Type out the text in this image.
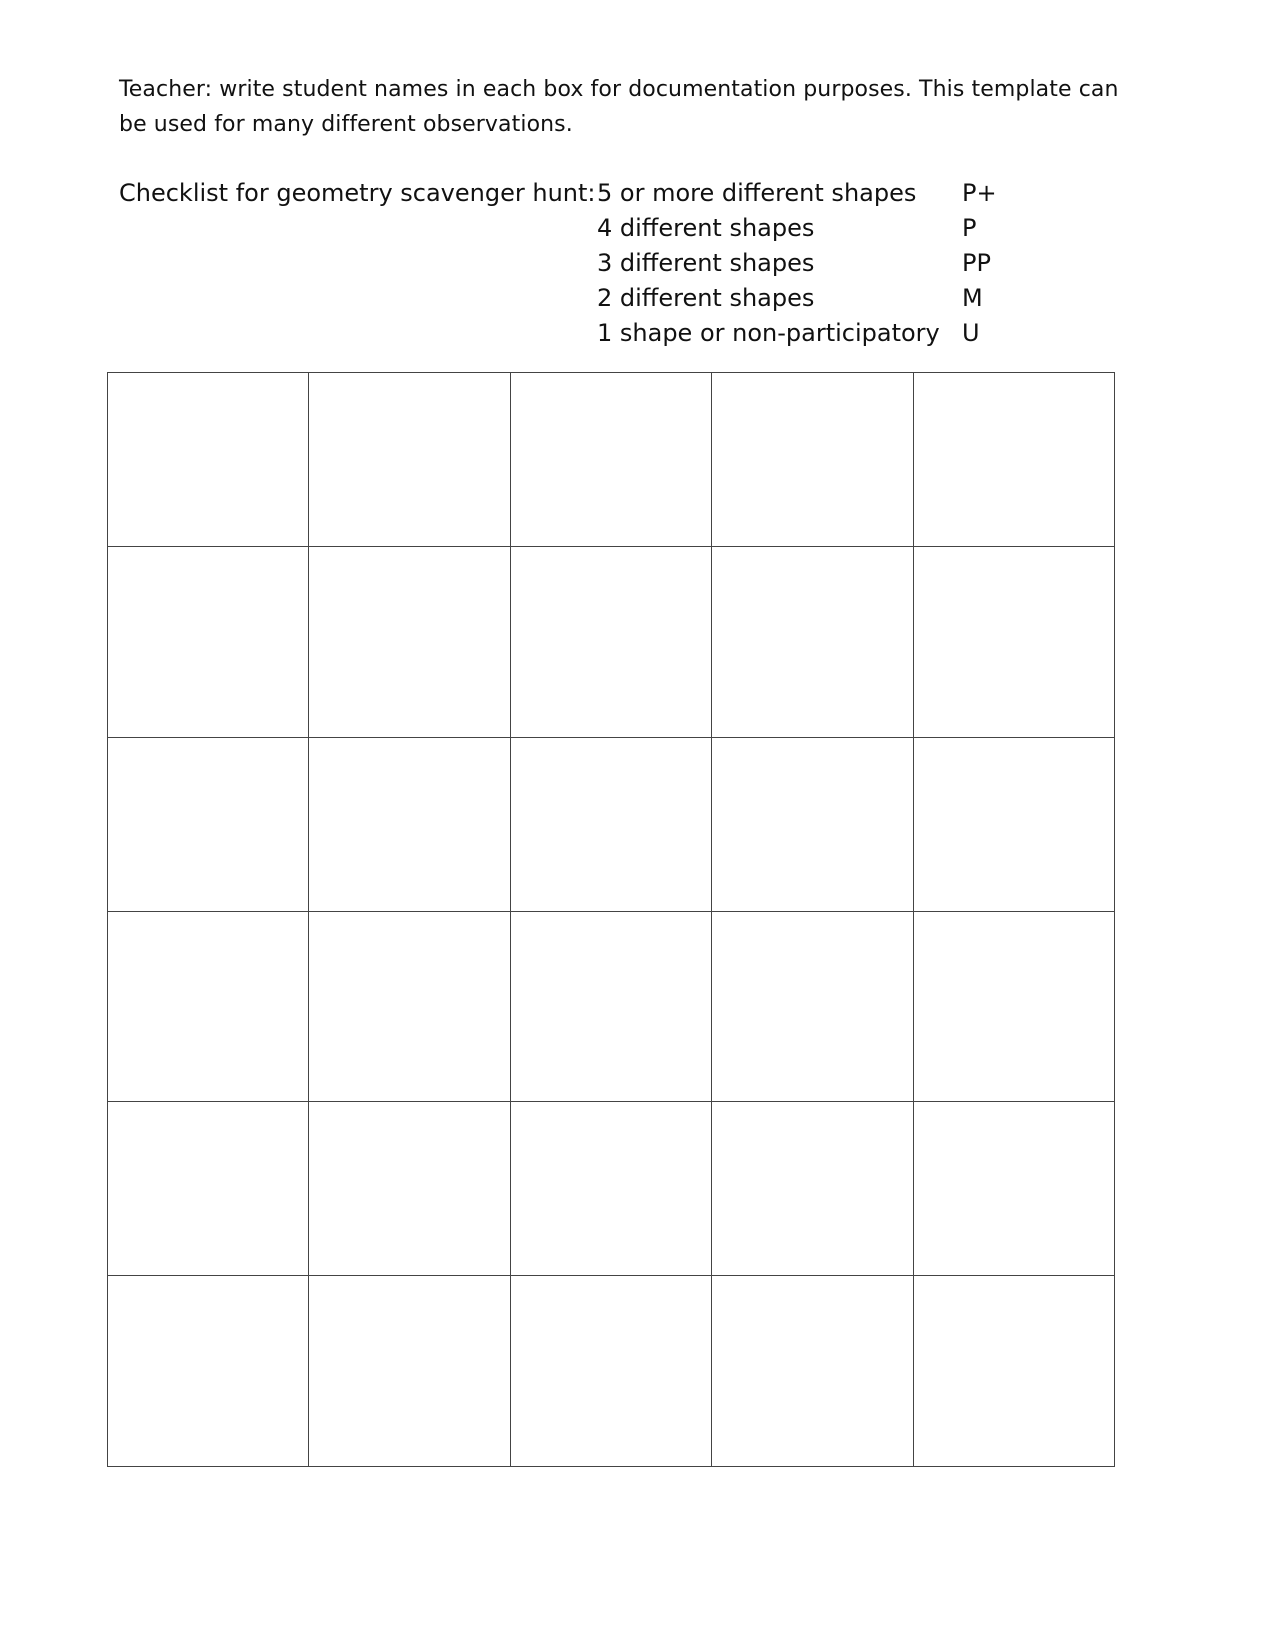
Teacher: write student names in each box for documentation purposes. This template can be used for many different observations.
Checklist for geometry scavenger hunt: 5 or more different shapes P+
4 different shapes	P
3 different shapes	PP
2 different shapes	M
1 shape or non-participatory U
